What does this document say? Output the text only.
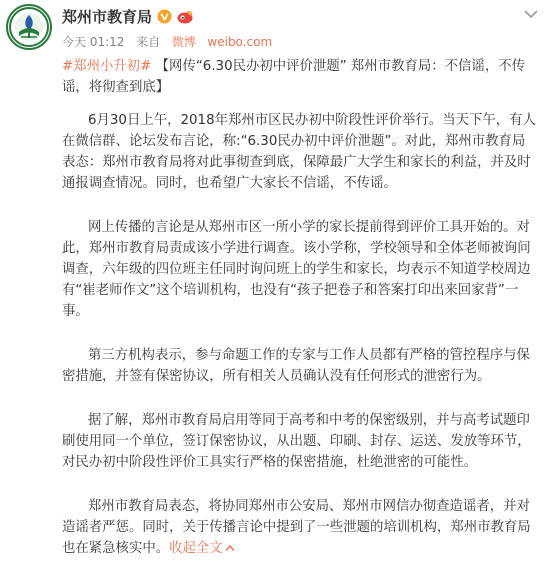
郑州市教育局
今天 01:12 来自 微博 weibo.com

#郑州小升初# 【网传“6.30民办初中评价泄题” 郑州市教育局：不信谣，不传谣，将彻查到底】

6月30日上午，2018年郑州市区民办初中阶段性评价举行。当天下午，有人在微信群、论坛发布言论，称:“6.30民办初中评价泄题”。对此，郑州市教育局表态：郑州市教育局将对此事彻查到底，保障最广大学生和家长的利益，并及时通报调查情况。同时，也希望广大家长不信谣，不传谣。

网上传播的言论是从郑州市区一所小学的家长提前得到评价工具开始的。对此，郑州市教育局责成该小学进行调查。该小学称，学校领导和全体老师被询问调查，六年级的四位班主任同时询问班上的学生和家长，均表示不知道学校周边有“崔老师作文”这个培训机构，也没有“孩子把卷子和答案打印出来回家背”一事。

第三方机构表示，参与命题工作的专家与工作人员都有严格的管控程序与保密措施，并签有保密协议，所有相关人员确认没有任何形式的泄密行为。

据了解，郑州市教育局启用等同于高考和中考的保密级别，并与高考试题印刷使用同一个单位，签订保密协议，从出题、印刷、封存、运送、发放等环节，对民办初中阶段性评价工具实行严格的保密措施，杜绝泄密的可能性。

郑州市教育局表态，将协同郑州市公安局、郑州市网信办彻查造谣者，并对造谣者严惩。同时，关于传播言论中提到了一些泄题的培训机构，郑州市教育局也在紧急核实中。收起全文
